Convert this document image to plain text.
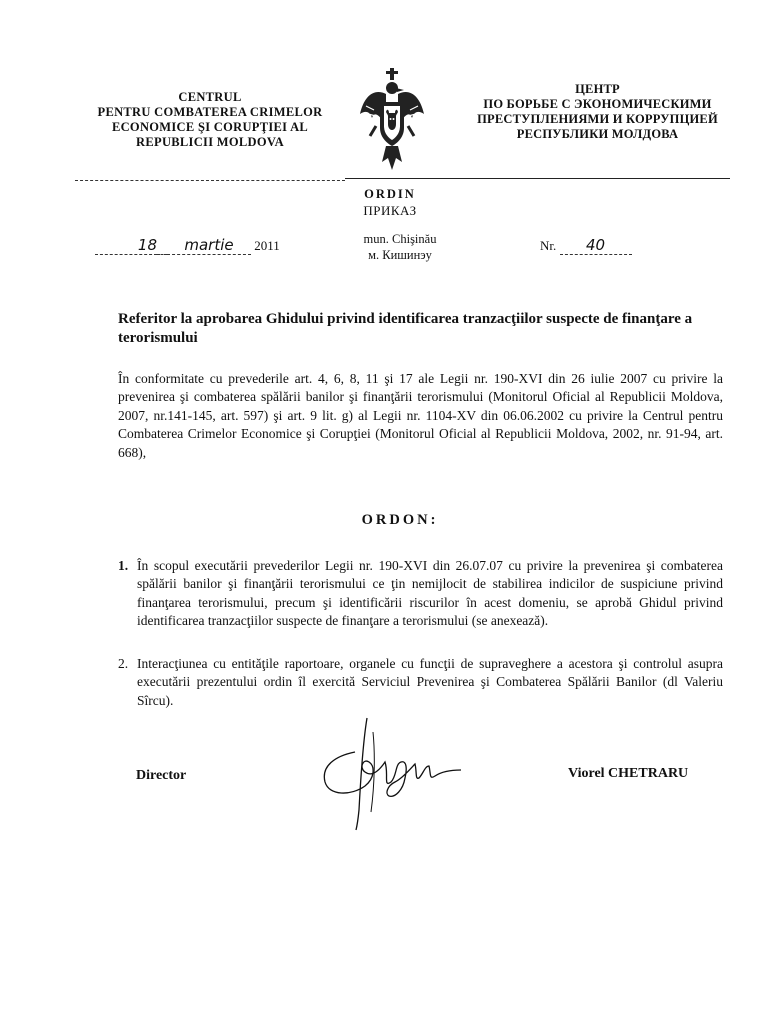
CENTRUL
PENTRU COMBATEREA CRIMELOR
ECONOMICE ŞI CORUPŢIEI AL
REPUBLICII MOLDOVA
ЦЕНТР
ПО БОРЬБЕ С ЭКОНОМИЧЕСКИМИ
ПРЕСТУПЛЕНИЯМИ И КОРРУПЦИЕЙ
РЕСПУБЛИКИ МОЛДОВА
ORDIN
ПРИКАЗ
18 martie 2011	mun. Chişinău
м. Кишинэу
Nr. 40
Referitor la aprobarea Ghidului privind identificarea tranzacţiilor suspecte de finanţare a terorismului
În conformitate cu prevederile art. 4, 6, 8, 11 şi 17 ale Legii nr. 190-XVI din 26 iulie 2007 cu privire la prevenirea şi combaterea spălării banilor şi finanţării terorismului (Monitorul Oficial al Republicii Moldova, 2007, nr.141-145, art. 597) şi art. 9 lit. g) al Legii nr. 1104-XV din 06.06.2002 cu privire la Centrul pentru Combaterea Crimelor Economice şi Corupţiei (Monitorul Oficial al Republicii Moldova, 2002, nr. 91-94, art. 668),
ORDON:
1. În scopul executării prevederilor Legii nr. 190-XVI din 26.07.07 cu privire la prevenirea şi combaterea spălării banilor şi finanţării terorismului ce ţin nemijlocit de stabilirea indicilor de suspiciune privind finanţarea terorismului, precum şi identificării riscurilor în acest domeniu, se aprobă Ghidul privind identificarea tranzacţiilor suspecte de finanţare a terorismului (se anexează).
2. Interacţiunea cu entităţile raportoare, organele cu funcţii de supraveghere a acestora şi controlul asupra executării prezentului ordin îl exercită Serviciul Prevenirea şi Combaterea Spălării Banilor (dl Valeriu Sîrcu).
Director	Viorel CHETRARU
